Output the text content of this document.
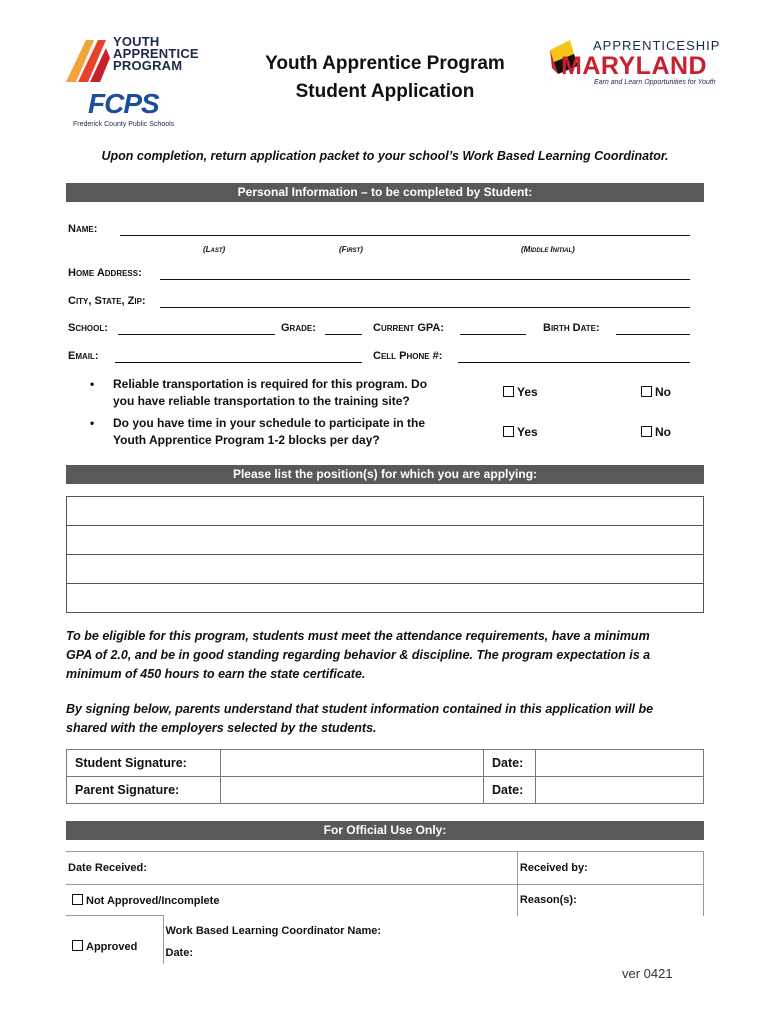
YOUTH
APPRENTICE
PROGRAM
FCPS
Frederick County Public Schools
Youth Apprentice Program
Student Application
APPRENTICESHIP
MARYLAND
Earn and Learn Opportunities for Youth
Upon completion, return application packet to your school’s Work Based Learning Coordinator.
Personal Information – to be completed by Student:
Name:
(Last)	(First)	(Middle Initial)
Home Address:
City, State, Zip:
School:	Grade:	Current GPA:	Birth Date:
Email:	Cell Phone #:
• Reliable transportation is required for this program. Do
you have reliable transportation to the training site?
Yes	No
• Do you have time in your schedule to participate in the
Youth Apprentice Program 1-2 blocks per day?
Yes	No
Please list the position(s) for which you are applying:

To be eligible for this program, students must meet the attendance requirements, have a minimum
GPA of 2.0, and be in good standing regarding behavior & discipline. The program expectation is a
minimum of 450 hours to earn the state certificate.
By signing below, parents understand that student information contained in this application will be
shared with the employers selected by the students.
Student Signature:		Date:	
Parent Signature:		Date:	
For Official Use Only:
Date Received:		Received by:
Not Approved/Incomplete		Reason(s):
Approved	Work Based Learning Coordinator Name:
Date:	
ver 0421
